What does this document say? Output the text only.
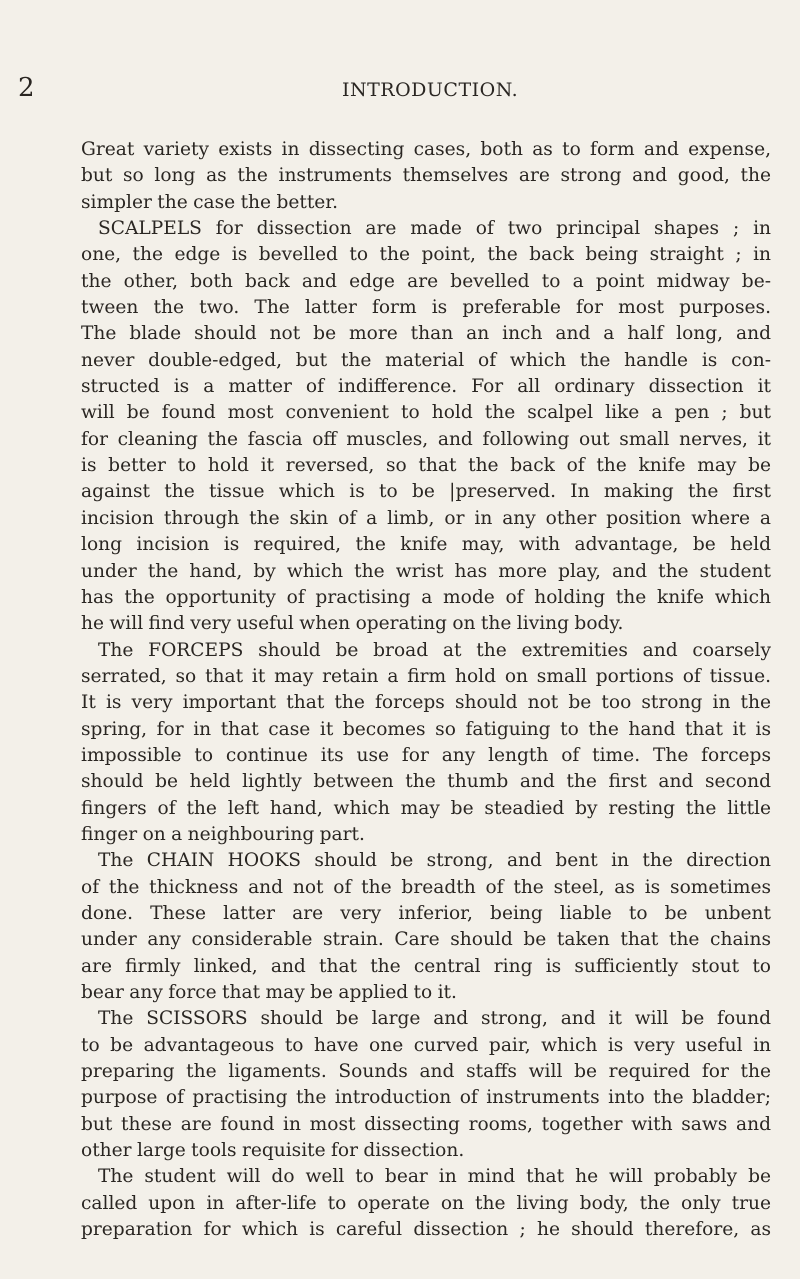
2	INTRODUCTION.
Great variety exists in dissecting cases, both as to form and expense,
but so long as the instruments themselves are strong and good, the
simpler the case the better.
SCALPELS for dissection are made of two principal shapes ; in
one, the edge is bevelled to the point, the back being straight ; in
the other, both back and edge are bevelled to a point midway be-
tween the two. The latter form is preferable for most purposes.
The blade should not be more than an inch and a half long, and
never double-edged, but the material of which the handle is con-
structed is a matter of indifference. For all ordinary dissection it
will be found most convenient to hold the scalpel like a pen ; but
for cleaning the fascia off muscles, and following out small nerves, it
is better to hold it reversed, so that the back of the knife may be
against the tissue which is to be |preserved. In making the first
incision through the skin of a limb, or in any other position where a
long incision is required, the knife may, with advantage, be held
under the hand, by which the wrist has more play, and the student
has the opportunity of practising a mode of holding the knife which
he will find very useful when operating on the living body.
The FORCEPS should be broad at the extremities and coarsely
serrated, so that it may retain a firm hold on small portions of tissue.
It is very important that the forceps should not be too strong in the
spring, for in that case it becomes so fatiguing to the hand that it is
impossible to continue its use for any length of time. The forceps
should be held lightly between the thumb and the first and second
fingers of the left hand, which may be steadied by resting the little
finger on a neighbouring part.
The CHAIN HOOKS should be strong, and bent in the direction
of the thickness and not of the breadth of the steel, as is sometimes
done. These latter are very inferior, being liable to be unbent
under any considerable strain. Care should be taken that the chains
are firmly linked, and that the central ring is sufficiently stout to
bear any force that may be applied to it.
The SCISSORS should be large and strong, and it will be found
to be advantageous to have one curved pair, which is very useful in
preparing the ligaments. Sounds and staffs will be required for the
purpose of practising the introduction of instruments into the bladder;
but these are found in most dissecting rooms, together with saws and
other large tools requisite for dissection.
The student will do well to bear in mind that he will probably be
called upon in after-life to operate on the living body, the only true
preparation for which is careful dissection ; he should therefore, as
